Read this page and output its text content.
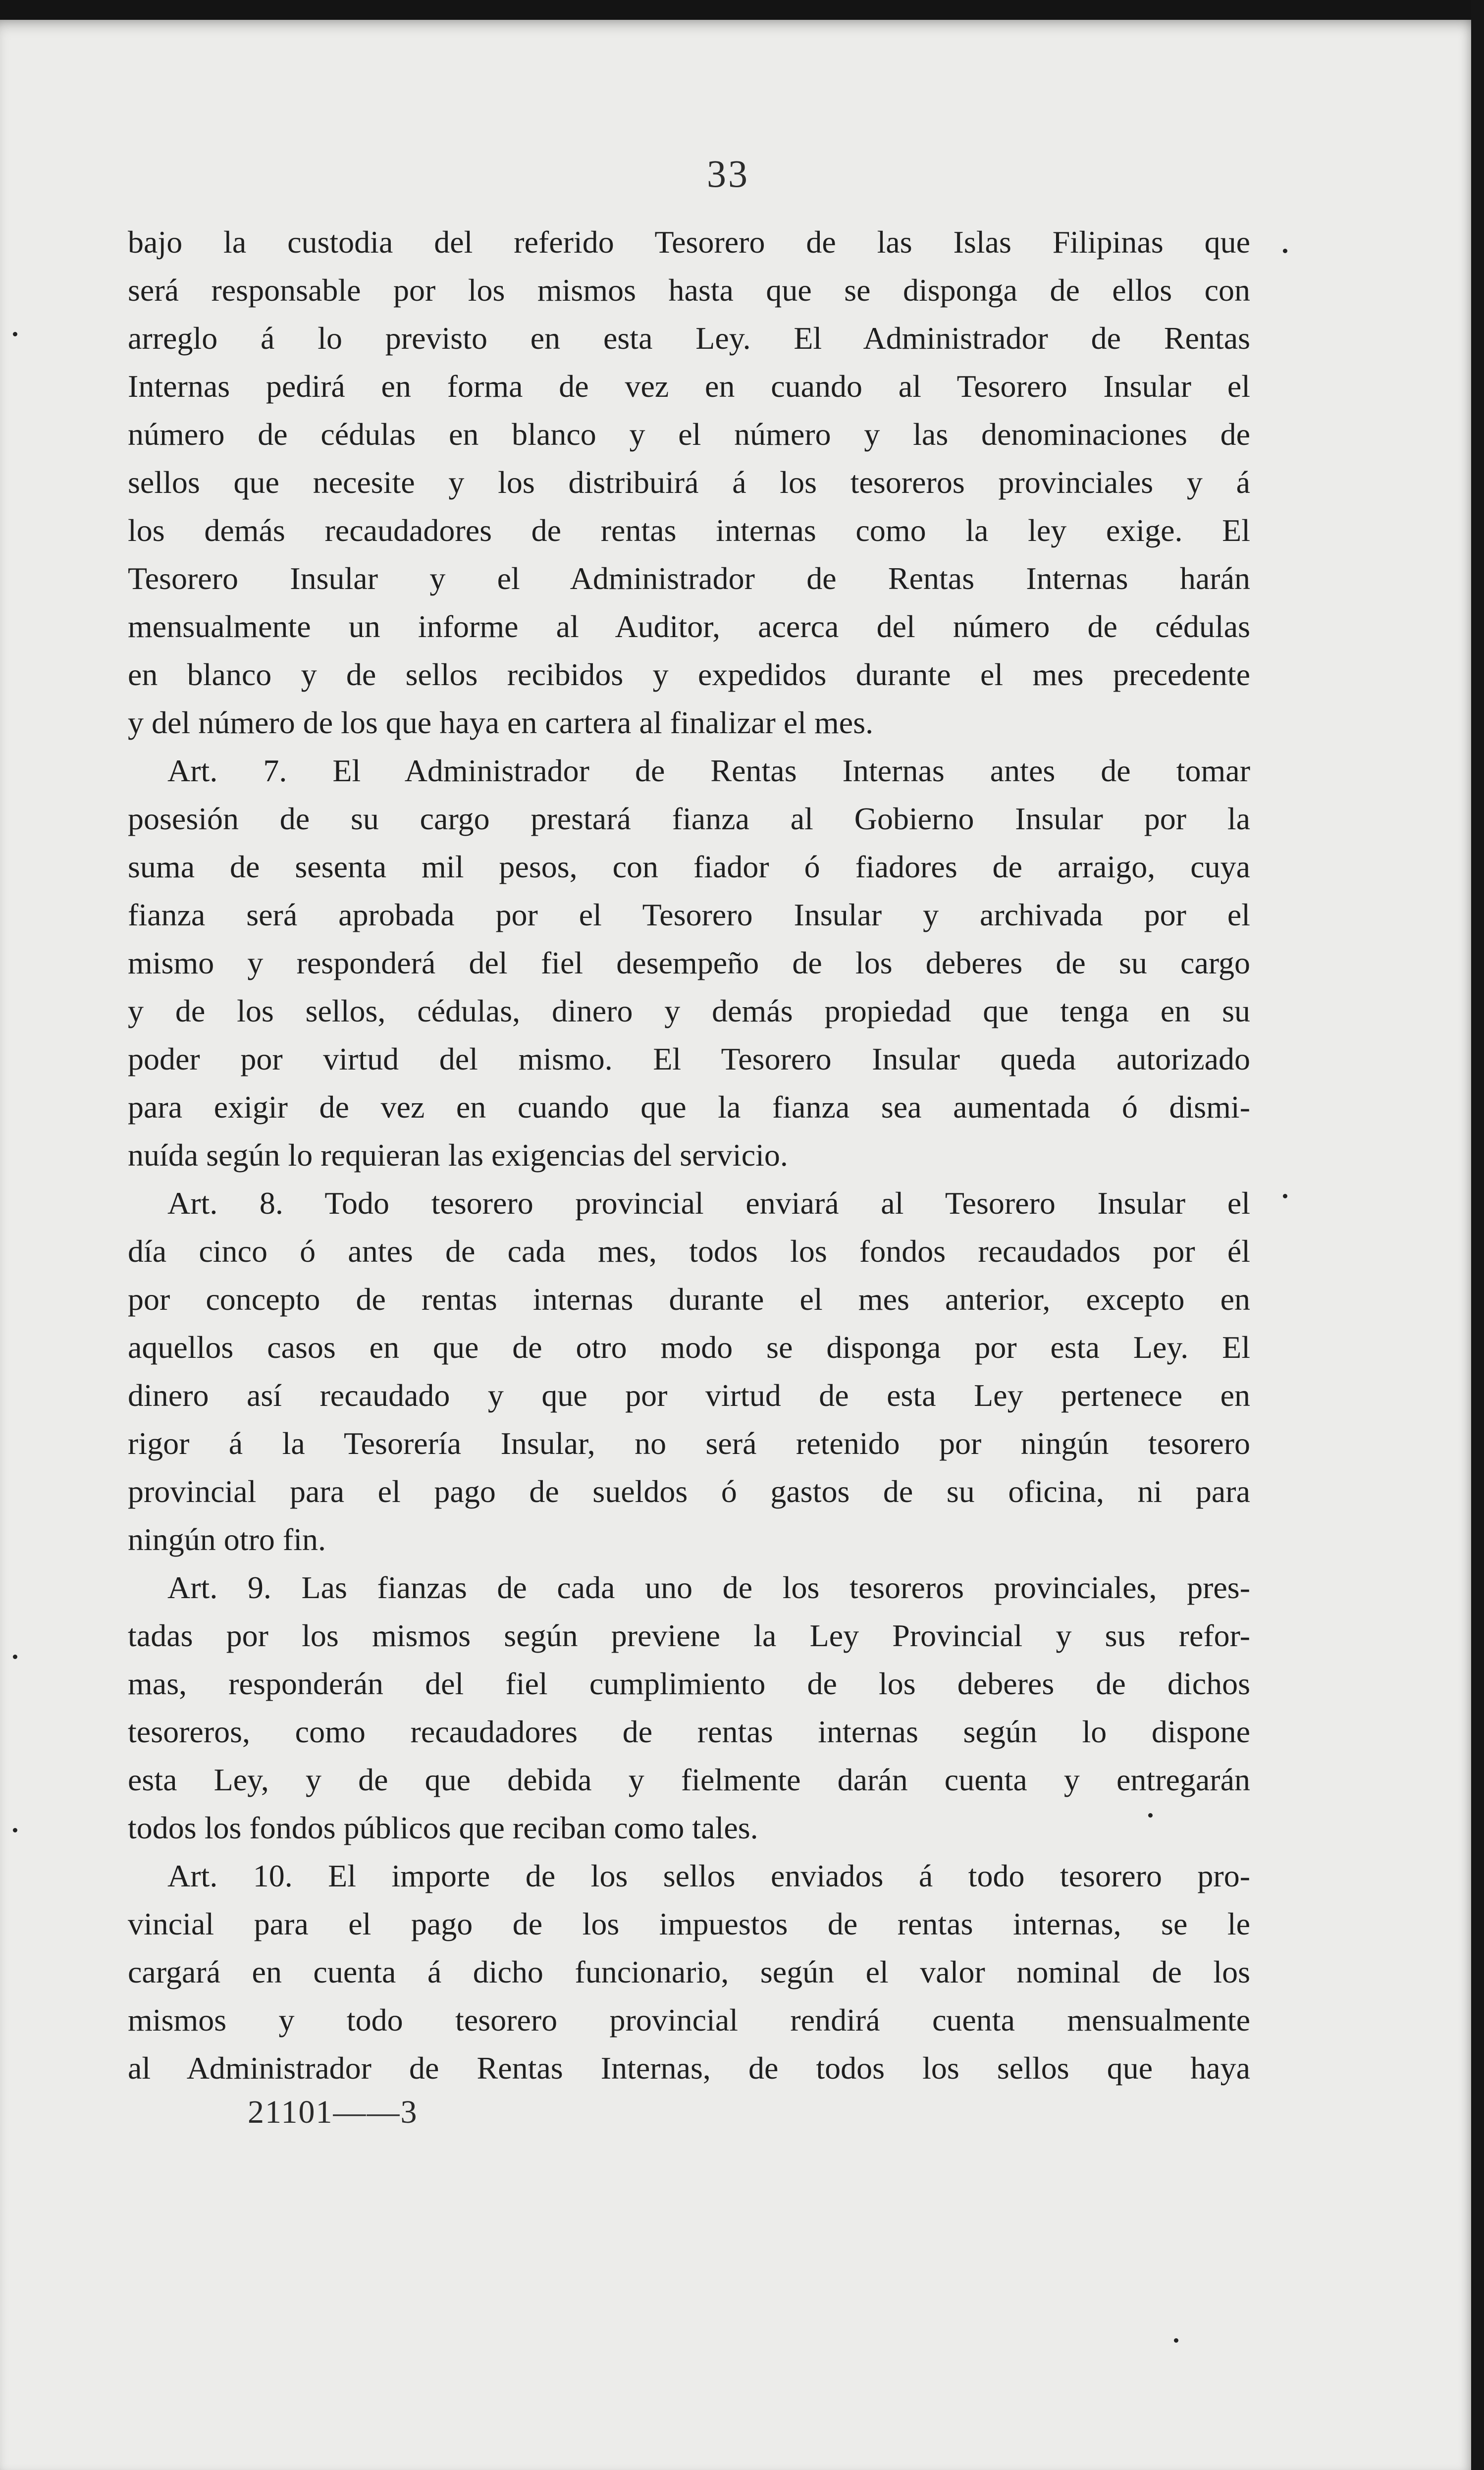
33
bajo la custodia del referido Tesorero de las Islas Filipinas que
será responsable por los mismos hasta que se disponga de ellos con
arreglo á lo previsto en esta Ley. El Administrador de Rentas
Internas pedirá en forma de vez en cuando al Tesorero Insular el
número de cédulas en blanco y el número y las denominaciones de
sellos que necesite y los distribuirá á los tesoreros provinciales y á
los demás recaudadores de rentas internas como la ley exige. El
Tesorero Insular y el Administrador de Rentas Internas harán
mensualmente un informe al Auditor, acerca del número de cédulas
en blanco y de sellos recibidos y expedidos durante el mes precedente
y del número de los que haya en cartera al finalizar el mes.
Art. 7. El Administrador de Rentas Internas antes de tomar
posesión de su cargo prestará fianza al Gobierno Insular por la
suma de sesenta mil pesos, con fiador ó fiadores de arraigo, cuya
fianza será aprobada por el Tesorero Insular y archivada por el
mismo y responderá del fiel desempeño de los deberes de su cargo
y de los sellos, cédulas, dinero y demás propiedad que tenga en su
poder por virtud del mismo. El Tesorero Insular queda autorizado
para exigir de vez en cuando que la fianza sea aumentada ó dismi-
nuída según lo requieran las exigencias del servicio.
Art. 8. Todo tesorero provincial enviará al Tesorero Insular el
día cinco ó antes de cada mes, todos los fondos recaudados por él
por concepto de rentas internas durante el mes anterior, excepto en
aquellos casos en que de otro modo se disponga por esta Ley. El
dinero así recaudado y que por virtud de esta Ley pertenece en
rigor á la Tesorería Insular, no será retenido por ningún tesorero
provincial para el pago de sueldos ó gastos de su oficina, ni para
ningún otro fin.
Art. 9. Las fianzas de cada uno de los tesoreros provinciales, pres-
tadas por los mismos según previene la Ley Provincial y sus refor-
mas, responderán del fiel cumplimiento de los deberes de dichos
tesoreros, como recaudadores de rentas internas según lo dispone
esta Ley, y de que debida y fielmente darán cuenta y entregarán
todos los fondos públicos que reciban como tales.
Art. 10. El importe de los sellos enviados á todo tesorero pro-
vincial para el pago de los impuestos de rentas internas, se le
cargará en cuenta á dicho funcionario, según el valor nominal de los
mismos y todo tesorero provincial rendirá cuenta mensualmente
al Administrador de Rentas Internas, de todos los sellos que haya
21101——3
